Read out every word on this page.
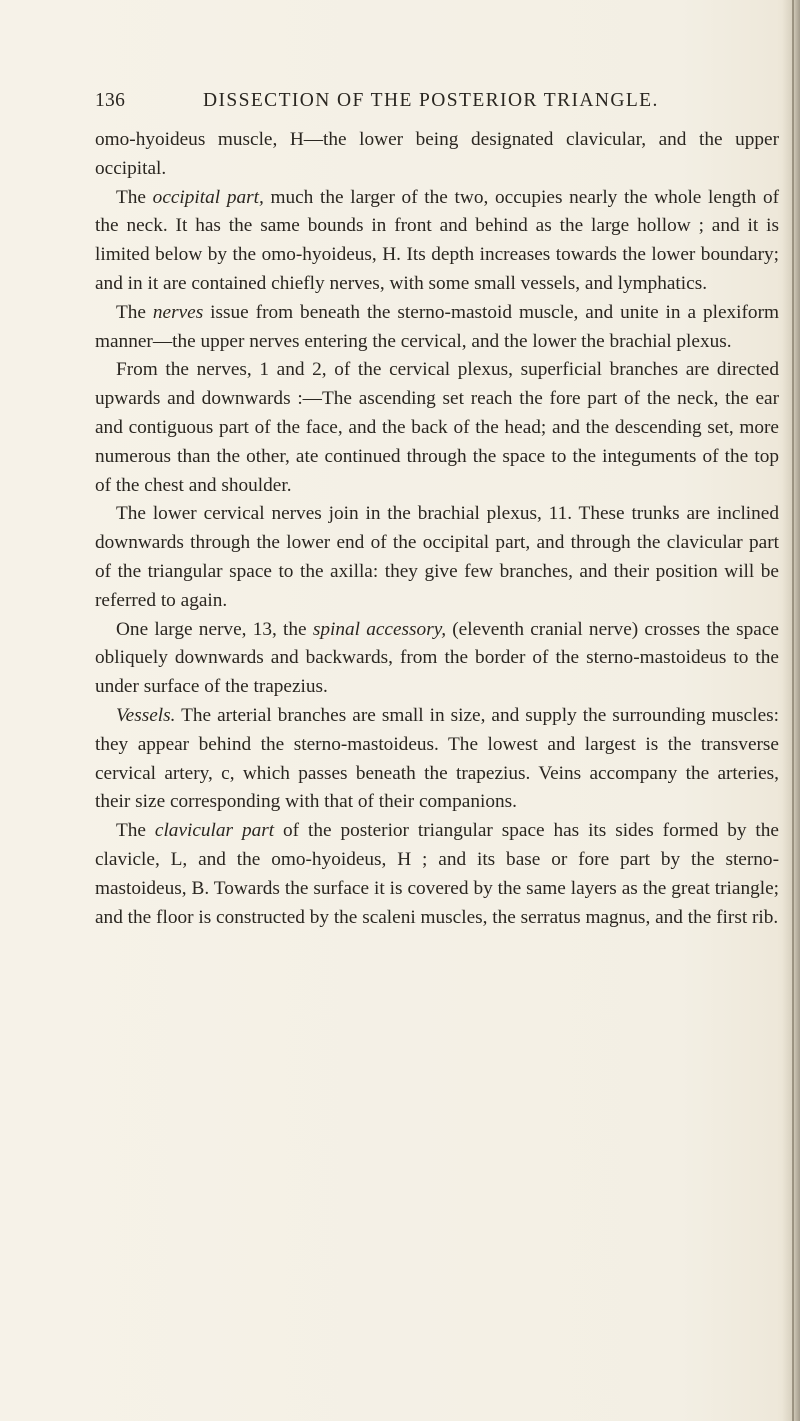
136	DISSECTION OF THE POSTERIOR TRIANGLE.

omo-hyoideus muscle, H—the lower being designated clavicular, and the upper occipital.

The occipital part, much the larger of the two, occupies nearly the whole length of the neck. It has the same bounds in front and behind as the large hollow ; and it is limited below by the omo-hyoideus, H. Its depth increases towards the lower boundary; and in it are contained chiefly nerves, with some small vessels, and lymphatics.

The nerves issue from beneath the sterno-mastoid muscle, and unite in a plexiform manner—the upper nerves entering the cervical, and the lower the brachial plexus.

From the nerves, 1 and 2, of the cervical plexus, superficial branches are directed upwards and downwards :—The ascending set reach the fore part of the neck, the ear and contiguous part of the face, and the back of the head; and the descending set, more numerous than the other, ate continued through the space to the integuments of the top of the chest and shoulder.

The lower cervical nerves join in the brachial plexus, 11. These trunks are inclined downwards through the lower end of the occipital part, and through the clavicular part of the triangular space to the axilla: they give few branches, and their position will be referred to again.

One large nerve, 13, the spinal accessory, (eleventh cranial nerve) crosses the space obliquely downwards and backwards, from the border of the sterno-mastoideus to the under surface of the trapezius.

Vessels. The arterial branches are small in size, and supply the surrounding muscles: they appear behind the sterno-mastoideus. The lowest and largest is the transverse cervical artery, c, which passes beneath the trapezius. Veins accompany the arteries, their size corresponding with that of their companions.

The clavicular part of the posterior triangular space has its sides formed by the clavicle, L, and the omo-hyoideus, H ; and its base or fore part by the sterno-mastoideus, B. Towards the surface it is covered by the same layers as the great triangle; and the floor is constructed by the scaleni muscles, the serratus magnus, and the first rib.
